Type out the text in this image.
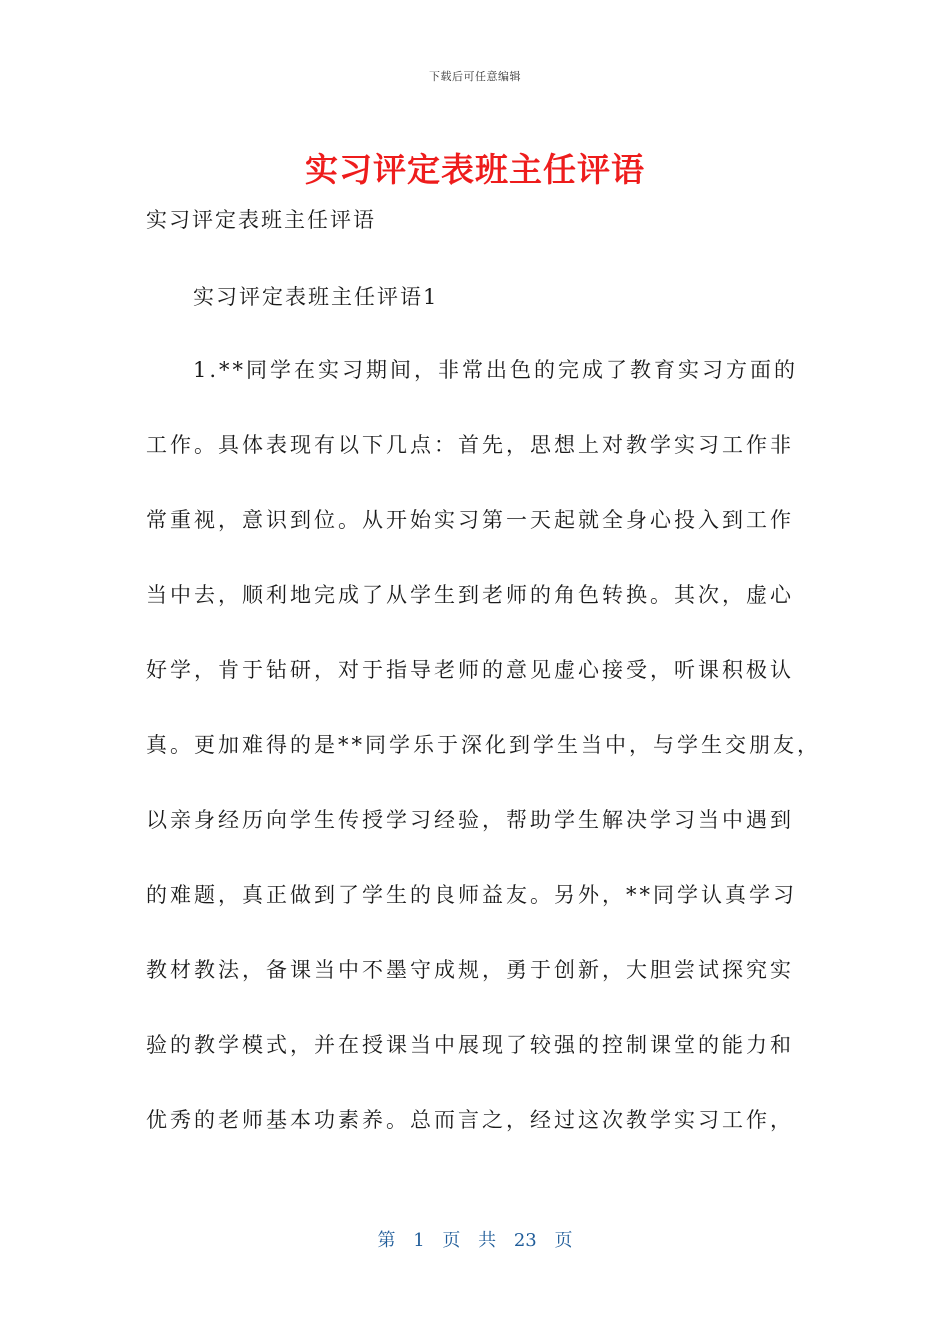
下载后可任意编辑
实习评定表班主任评语
实习评定表班主任评语
实习评定表班主任评语1
1.**同学在实习期间，非常出色的完成了教育实习方面的
工作。具体表现有以下几点：首先，思想上对教学实习工作非
常重视，意识到位。从开始实习第一天起就全身心投入到工作
当中去，顺利地完成了从学生到老师的角色转换。其次，虚心
好学，肯于钻研，对于指导老师的意见虚心接受，听课积极认
真。更加难得的是**同学乐于深化到学生当中，与学生交朋友，
以亲身经历向学生传授学习经验，帮助学生解决学习当中遇到
的难题，真正做到了学生的良师益友。另外，**同学认真学习
教材教法，备课当中不墨守成规，勇于创新，大胆尝试探究实
验的教学模式，并在授课当中展现了较强的控制课堂的能力和
优秀的老师基本功素养。总而言之，经过这次教学实习工作，
第 1 页 共 23 页
